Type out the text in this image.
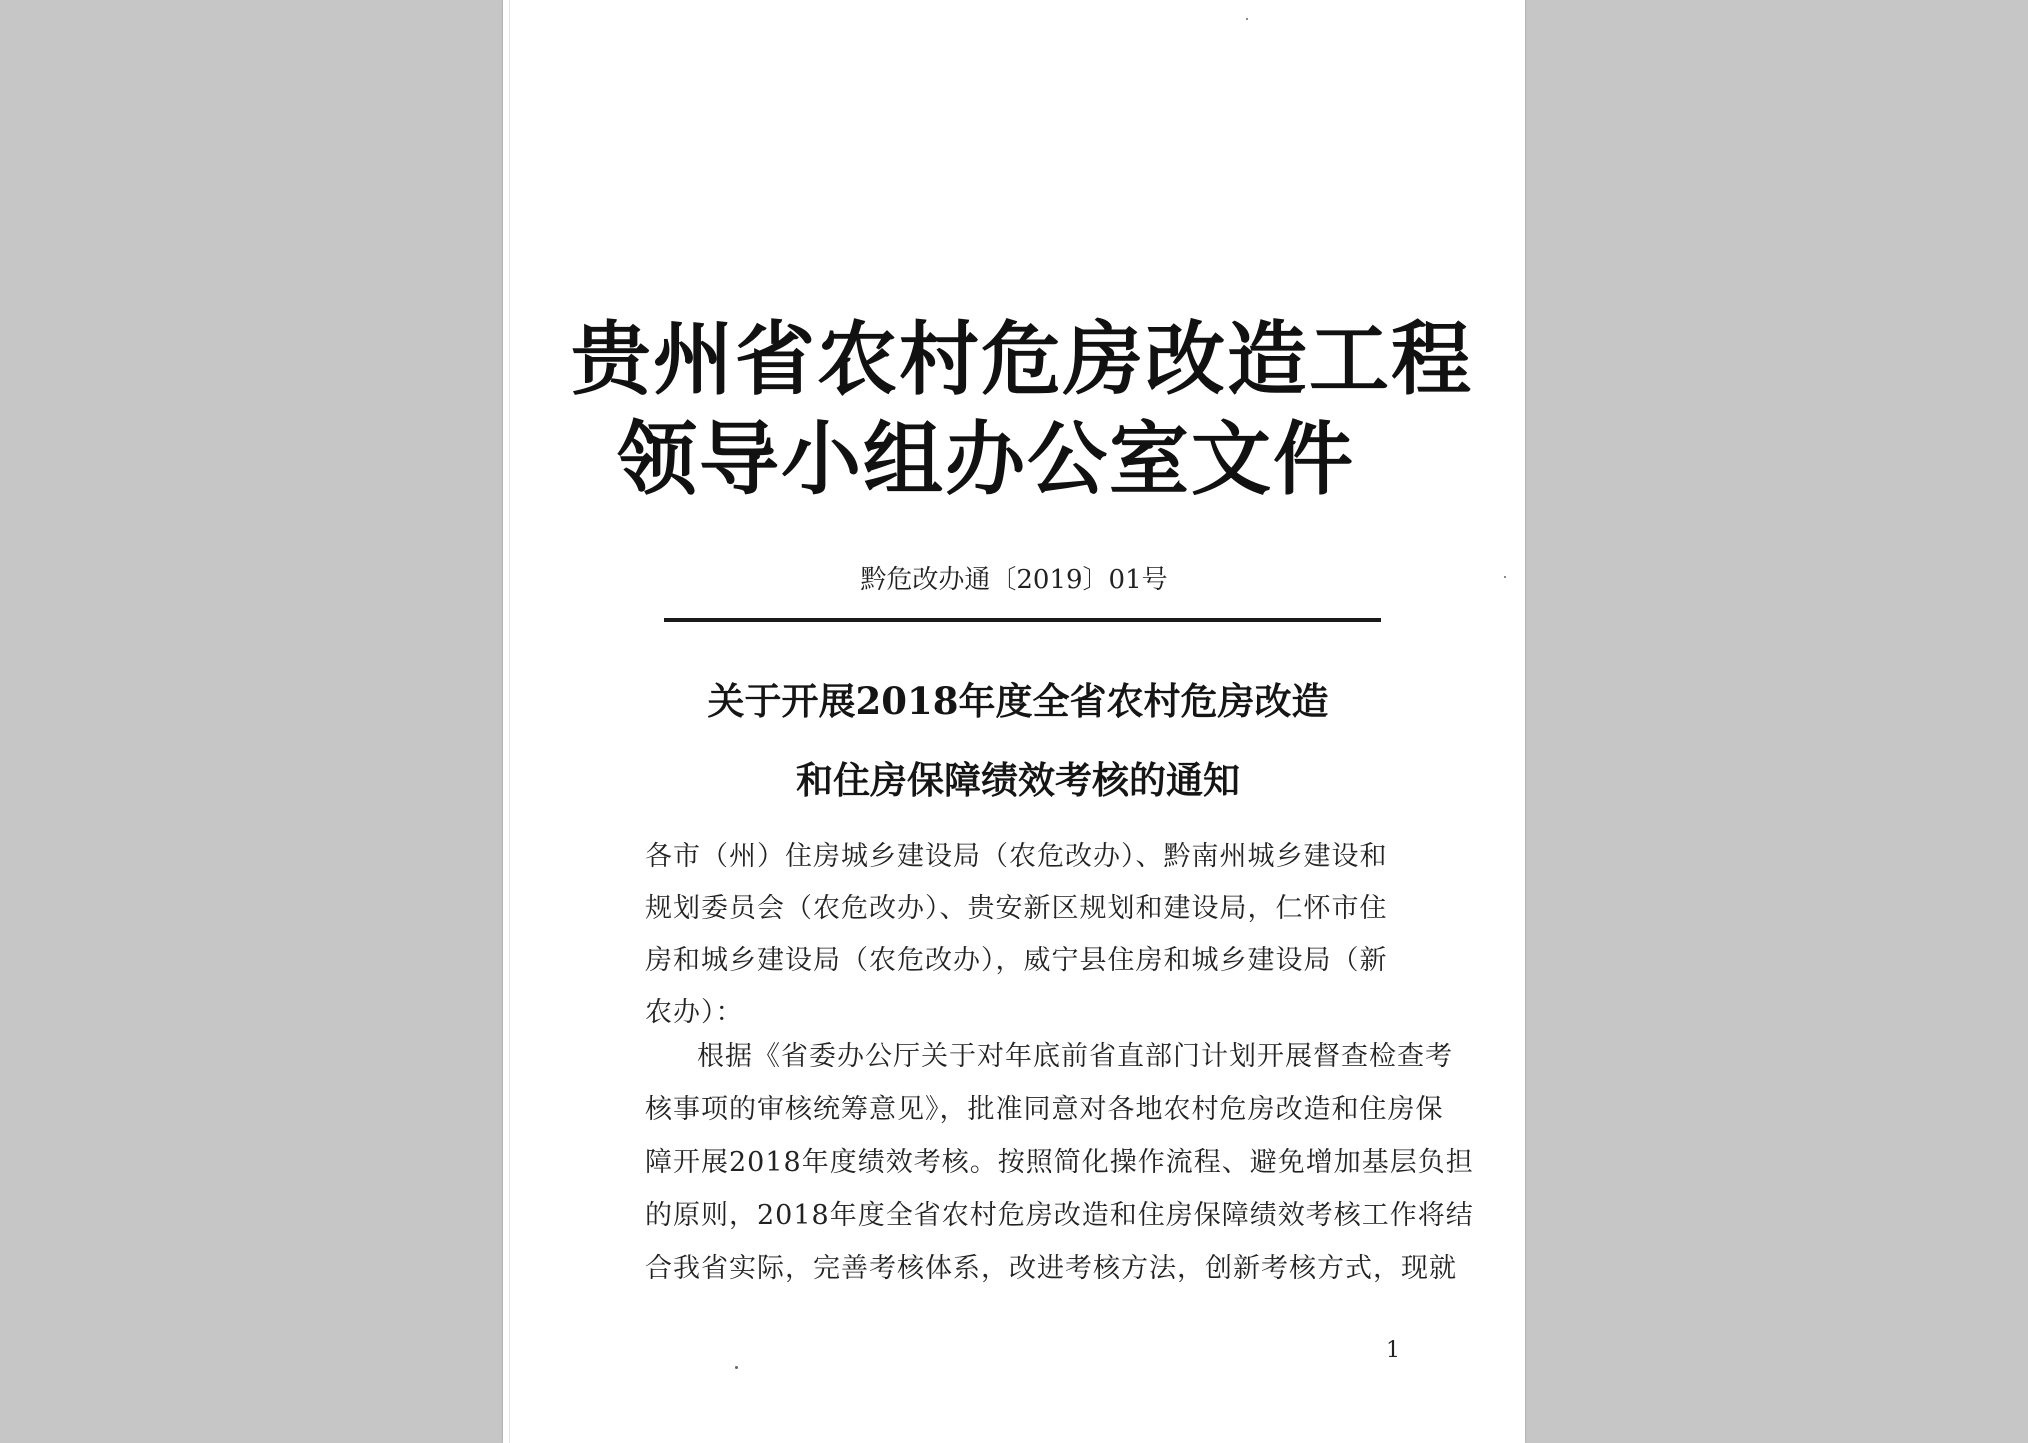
贵州省农村危房改造工程
领导小组办公室文件
黔危改办通〔2019〕01号
关于开展2018年度全省农村危房改造
和住房保障绩效考核的通知
各市（州）住房城乡建设局（农危改办）、黔南州城乡建设和
规划委员会（农危改办）、贵安新区规划和建设局，仁怀市住
房和城乡建设局（农危改办），威宁县住房和城乡建设局（新
农办）：
根据《省委办公厅关于对年底前省直部门计划开展督查检查考
核事项的审核统筹意见》，批准同意对各地农村危房改造和住房保
障开展2018年度绩效考核。按照简化操作流程、避免增加基层负担
的原则，2018年度全省农村危房改造和住房保障绩效考核工作将结
合我省实际，完善考核体系，改进考核方法，创新考核方式，现就
1
